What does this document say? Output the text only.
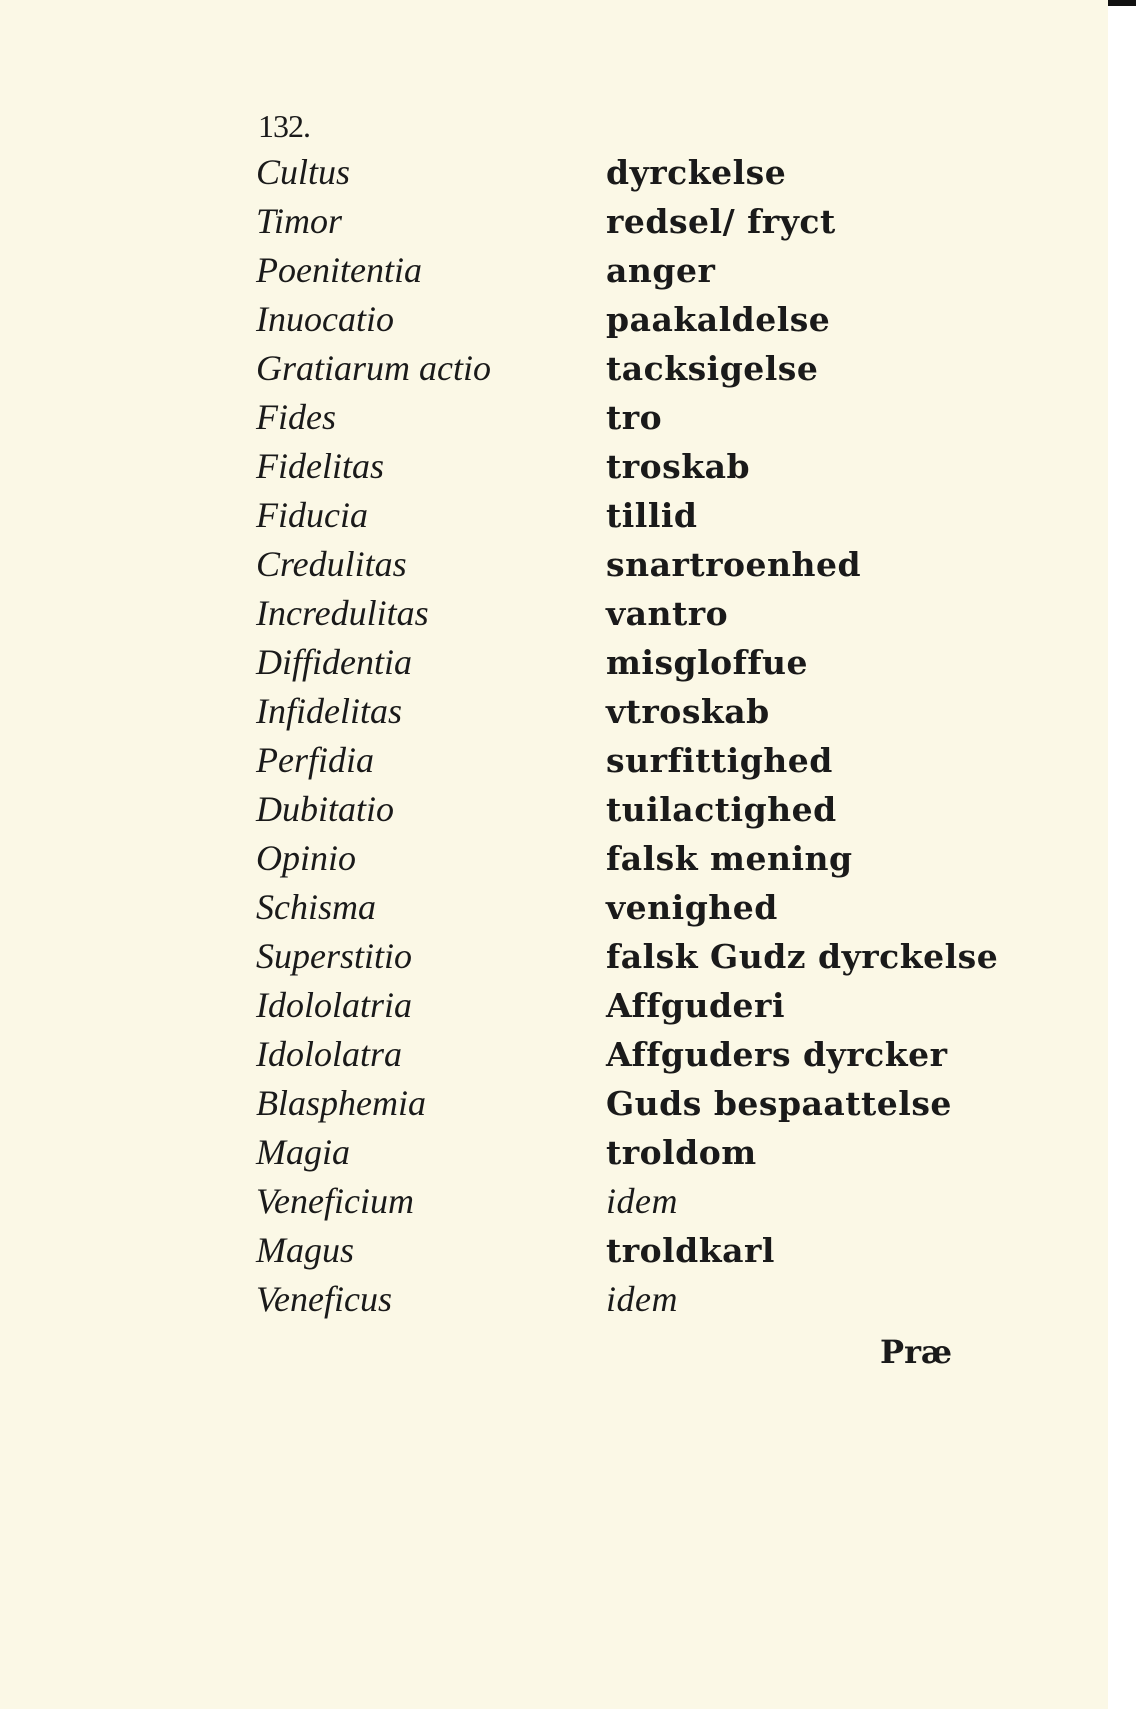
132.
Cultus	dyrckelse
Timor	redsel/ fryct
Poenitentia	anger
Inuocatio	paakaldelse
Gratiarum actio	tacksigelse
Fides	tro
Fidelitas	troskab
Fiducia	tillid
Credulitas	snartroenhed
Incredulitas	vantro
Diffidentia	misgloffue
Infidelitas	vtroskab
Perfidia	surfittighed
Dubitatio	tuilactighed
Opinio	falsk mening
Schisma	venighed
Superstitio	falsk Gudz dyrckelse
Idololatria	Affguderi
Idololatra	Affguders dyrcker
Blasphemia	Guds bespaattelse
Magia	troldom
Veneficium	idem
Magus	troldkarl
Veneficus	idem
Præ
